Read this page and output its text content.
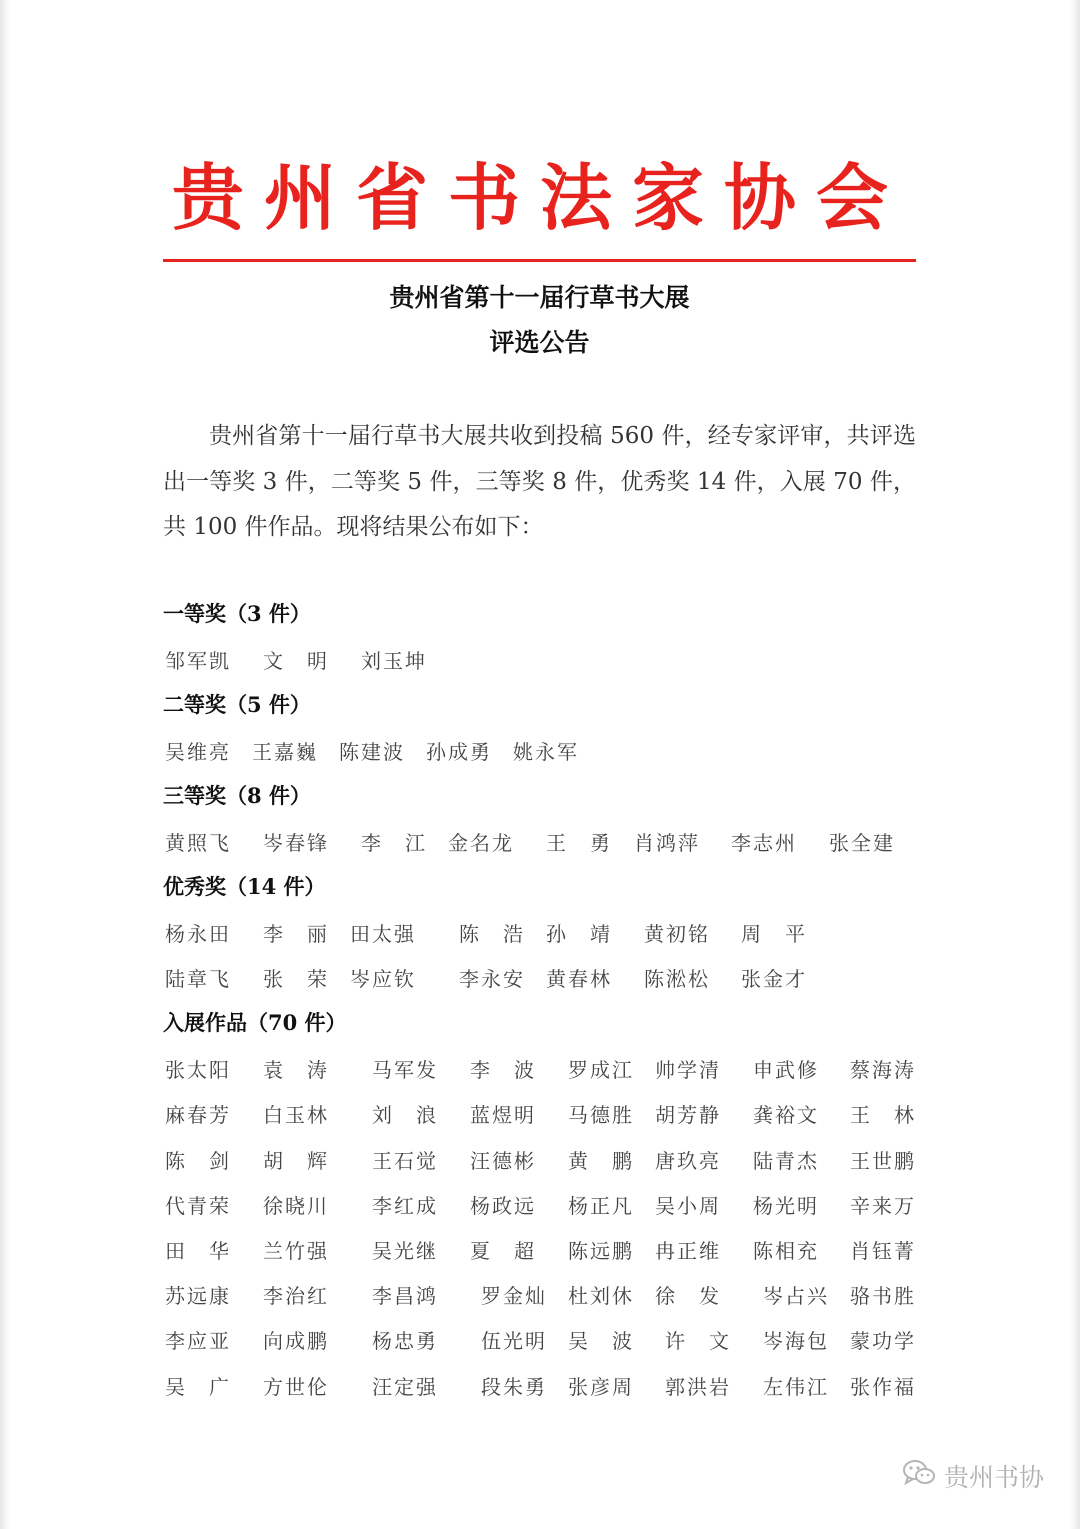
贵州省书法家协会
贵州省第十一届行草书大展
评选公告
贵州省第十一届行草书大展共收到投稿 560 件，经专家评审，共评选出一等奖 3 件，二等奖 5 件，三等奖 8 件，优秀奖 14 件，入展 70 件，共 100 件作品。现将结果公布如下：
一等奖（3 件）
邹军凯 文　明 刘玉坤
二等奖（5 件）
吴维亮 王嘉巍 陈建波 孙成勇 姚永军
三等奖（8 件）
黄照飞 岑春锋 李　江 金名龙 王　勇 肖鸿萍 李志州 张全建
优秀奖（14 件）
杨永田 李　丽 田太强 陈　浩 孙　靖 黄初铭 周　平
陆章飞 张　荣 岑应钦 李永安 黄春林 陈淞松 张金才
入展作品（70 件）
张太阳 袁　涛 马军发 李　波 罗成江 帅学清 申武修 蔡海涛
麻春芳 白玉林 刘　浪 蓝煜明 马德胜 胡芳静 龚裕文 王　林
陈　剑 胡　辉 王石觉 汪德彬 黄　鹏 唐玖亮 陆青杰 王世鹏
代青荣 徐晓川 李红成 杨政远 杨正凡 吴小周 杨光明 辛来万
田　华 兰竹强 吴光继 夏　超 陈远鹏 冉正维 陈相充 肖钰菁
苏远康 李治红 李昌鸿 罗金灿 杜刘休 徐　发 岑占兴 骆书胜
李应亚 向成鹏 杨忠勇 伍光明 吴　波 许　文 岑海包 蒙功学
吴　广 方世伦 汪定强 段朱勇 张彦周 郭洪岩 左伟江 张作福
贵州书协
